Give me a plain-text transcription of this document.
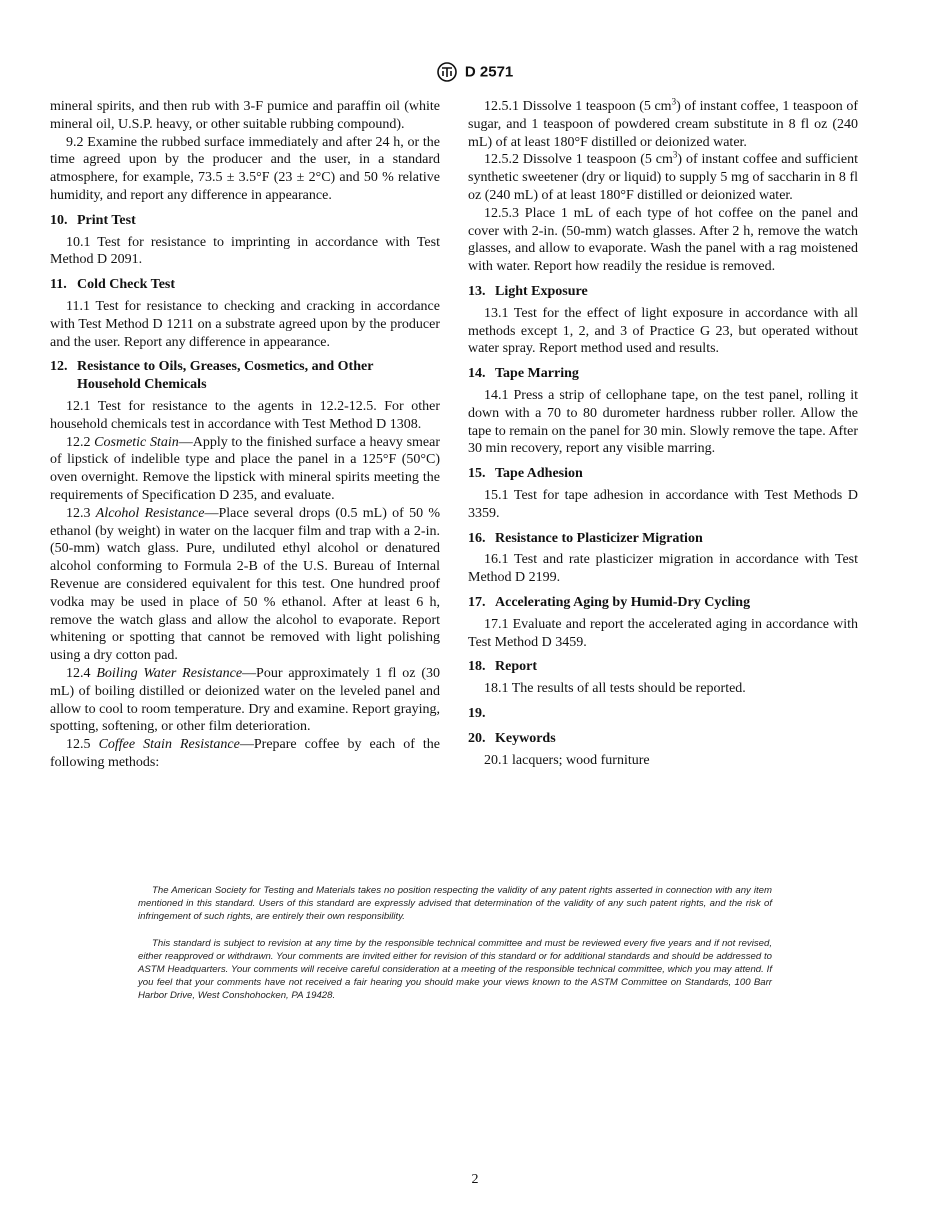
D 2571

mineral spirits, and then rub with 3-F pumice and paraffin oil (white mineral oil, U.S.P. heavy, or other suitable rubbing compound).

9.2 Examine the rubbed surface immediately and after 24 h, or the time agreed upon by the producer and the user, in a standard atmosphere, for example, 73.5 ± 3.5°F (23 ± 2°C) and 50 % relative humidity, and report any difference in appearance.

10. Print Test

10.1 Test for resistance to imprinting in accordance with Test Method D 2091.

11. Cold Check Test

11.1 Test for resistance to checking and cracking in accordance with Test Method D 1211 on a substrate agreed upon by the producer and the user. Report any difference in appearance.

12. Resistance to Oils, Greases, Cosmetics, and Other Household Chemicals

12.1 Test for resistance to the agents in 12.2-12.5. For other household chemicals test in accordance with Test Method D 1308.

12.2 Cosmetic Stain—Apply to the finished surface a heavy smear of lipstick of indelible type and place the panel in a 125°F (50°C) oven overnight. Remove the lipstick with mineral spirits meeting the requirements of Specification D 235, and evaluate.

12.3 Alcohol Resistance—Place several drops (0.5 mL) of 50 % ethanol (by weight) in water on the lacquer film and trap with a 2-in. (50-mm) watch glass. Pure, undiluted ethyl alcohol or denatured alcohol conforming to Formula 2-B of the U.S. Bureau of Internal Revenue are considered equivalent for this test. One hundred proof vodka may be used in place of 50 % ethanol. After at least 6 h, remove the watch glass and allow the alcohol to evaporate. Report whitening or spotting that cannot be removed with light polishing using a dry cotton pad.

12.4 Boiling Water Resistance—Pour approximately 1 fl oz (30 mL) of boiling distilled or deionized water on the leveled panel and allow to cool to room temperature. Dry and examine. Report graying, spotting, softening, or other film deterioration.

12.5 Coffee Stain Resistance—Prepare coffee by each of the following methods:

12.5.1 Dissolve 1 teaspoon (5 $cm^3$) of instant coffee, 1 teaspoon of sugar, and 1 teaspoon of powdered cream substitute in 8 fl oz (240 mL) of at least 180°F distilled or deionized water.

12.5.2 Dissolve 1 teaspoon (5 $cm^3$) of instant coffee and sufficient synthetic sweetener (dry or liquid) to supply 5 mg of saccharin in 8 fl oz (240 mL) of at least 180°F distilled or deionized water.

12.5.3 Place 1 mL of each type of hot coffee on the panel and cover with 2-in. (50-mm) watch glasses. After 2 h, remove the watch glasses, and allow to evaporate. Wash the panel with a rag moistened with water. Report how readily the residue is removed.

13. Light Exposure

13.1 Test for the effect of light exposure in accordance with all methods except 1, 2, and 3 of Practice G 23, but operated without water spray. Report method used and results.

14. Tape Marring

14.1 Press a strip of cellophane tape, on the test panel, rolling it down with a 70 to 80 durometer hardness rubber roller. Allow the tape to remain on the panel for 30 min. Slowly remove the tape. After 30 min recovery, report any visible marring.

15. Tape Adhesion

15.1 Test for tape adhesion in accordance with Test Methods D 3359.

16. Resistance to Plasticizer Migration

16.1 Test and rate plasticizer migration in accordance with Test Method D 2199.

17. Accelerating Aging by Humid-Dry Cycling

17.1 Evaluate and report the accelerated aging in accordance with Test Method D 3459.

18. Report

18.1 The results of all tests should be reported.

19.
20. Keywords

20.1 lacquers; wood furniture

The American Society for Testing and Materials takes no position respecting the validity of any patent rights asserted in connection with any item mentioned in this standard. Users of this standard are expressly advised that determination of the validity of any such patent rights, and the risk of infringement of such rights, are entirely their own responsibility.

This standard is subject to revision at any time by the responsible technical committee and must be reviewed every five years and if not revised, either reapproved or withdrawn. Your comments are invited either for revision of this standard or for additional standards and should be addressed to ASTM Headquarters. Your comments will receive careful consideration at a meeting of the responsible technical committee, which you may attend. If you feel that your comments have not received a fair hearing you should make your views known to the ASTM Committee on Standards, 100 Barr Harbor Drive, West Conshohocken, PA 19428.

2
